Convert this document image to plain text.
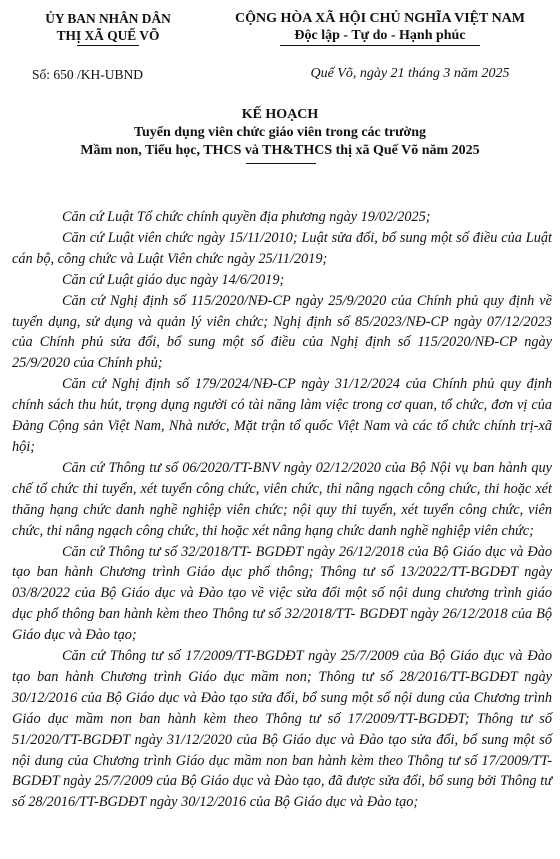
ỦY BAN NHÂN DÂN
THỊ XÃ QUẾ VÕ
CỘNG HÒA XÃ HỘI CHỦ NGHĨA VIỆT NAM
Độc lập - Tự do - Hạnh phúc
Số: 650 /KH-UBND	Quế Võ, ngày 21 tháng 3 năm 2025
KẾ HOẠCH
Tuyển dụng viên chức giáo viên trong các trường
Mầm non, Tiểu học, THCS và TH&THCS thị xã Quế Võ năm 2025

Căn cứ Luật Tổ chức chính quyền địa phương ngày 19/02/2025;

Căn cứ Luật viên chức ngày 15/11/2010; Luật sửa đổi, bổ sung một số điều của Luật cán bộ, công chức và Luật Viên chức ngày 25/11/2019;

Căn cứ Luật giáo dục ngày 14/6/2019;

Căn cứ Nghị định số 115/2020/NĐ-CP ngày 25/9/2020 của Chính phủ quy định về tuyển dụng, sử dụng và quản lý viên chức; Nghị định số 85/2023/NĐ-CP ngày 07/12/2023 của Chính phủ sửa đổi, bổ sung một số điều của Nghị định số 115/2020/NĐ-CP ngày 25/9/2020 của Chính phủ;

Căn cứ Nghị định số 179/2024/NĐ-CP ngày 31/12/2024 của Chính phủ quy định chính sách thu hút, trọng dụng người có tài năng làm việc trong cơ quan, tổ chức, đơn vị của Đảng Cộng sản Việt Nam, Nhà nước, Mặt trận tổ quốc Việt Nam và các tổ chức chính trị-xã hội;

Căn cứ Thông tư số 06/2020/TT-BNV ngày 02/12/2020 của Bộ Nội vụ ban hành quy chế tổ chức thi tuyển, xét tuyển công chức, viên chức, thi nâng ngạch công chức, thi hoặc xét thăng hạng chức danh nghề nghiệp viên chức; nội quy thi tuyển, xét tuyển công chức, viên chức, thi nâng ngạch công chức, thi hoặc xét nâng hạng chức danh nghề nghiệp viên chức;

Căn cứ Thông tư số 32/2018/TT- BGDĐT ngày 26/12/2018 của Bộ Giáo dục và Đào tạo ban hành Chương trình Giáo dục phổ thông; Thông tư số 13/2022/TT-BGDĐT ngày 03/8/2022 của Bộ Giáo dục và Đào tạo về việc sửa đổi một số nội dung chương trình giáo dục phổ thông ban hành kèm theo Thông tư số 32/2018/TT- BGDĐT ngày 26/12/2018 của Bộ Giáo dục và Đào tạo;

Căn cứ Thông tư số 17/2009/TT-BGDĐT ngày 25/7/2009 của Bộ Giáo dục và Đào tạo ban hành Chương trình Giáo dục mầm non; Thông tư số 28/2016/TT-BGDĐT ngày 30/12/2016 của Bộ Giáo dục và Đào tạo sửa đổi, bổ sung một số nội dung của Chương trình Giáo dục mầm non ban hành kèm theo Thông tư số 17/2009/TT-BGDĐT; Thông tư số 51/2020/TT-BGDĐT ngày 31/12/2020 của Bộ Giáo dục và Đào tạo sửa đổi, bổ sung một số nội dung của Chương trình Giáo dục mầm non ban hành kèm theo Thông tư số 17/2009/TT-BGDĐT ngày 25/7/2009 của Bộ Giáo dục và Đào tạo, đã được sửa đổi, bổ sung bởi Thông tư số 28/2016/TT-BGDĐT ngày 30/12/2016 của Bộ Giáo dục và Đào tạo;
